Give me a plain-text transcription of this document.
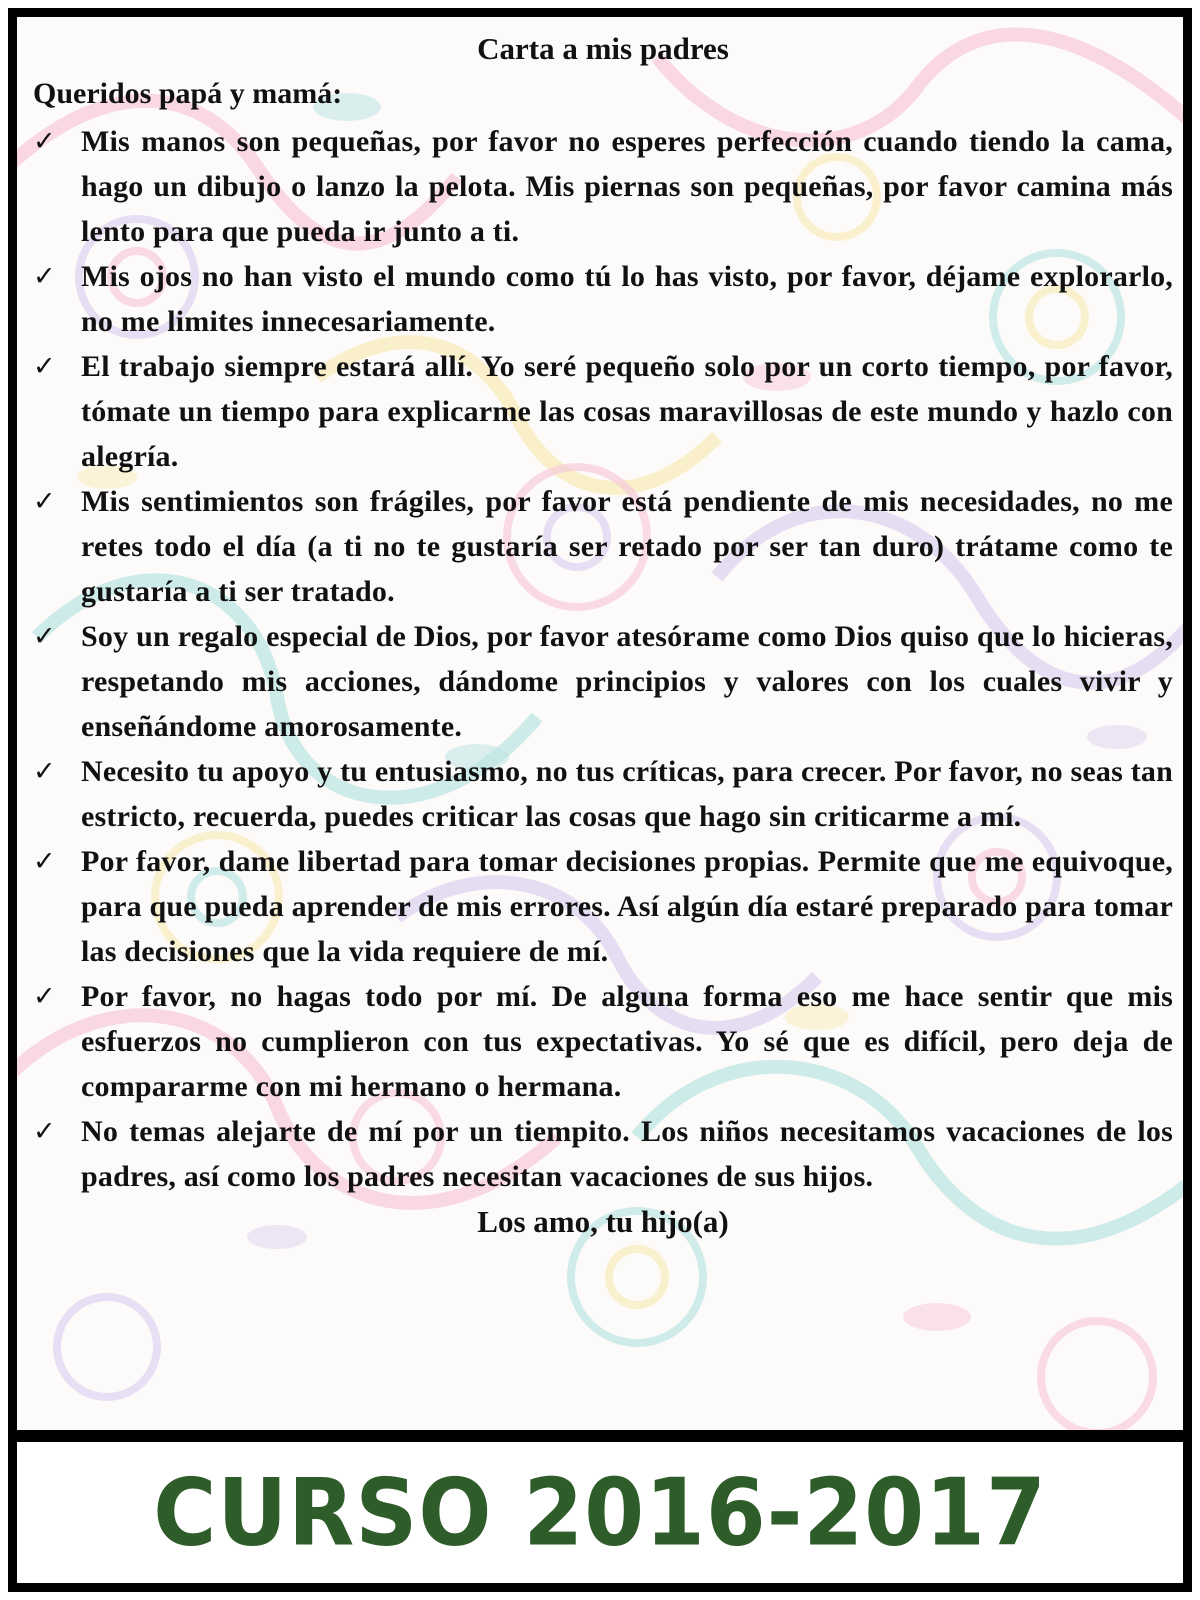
Carta a mis padres

Queridos papá y mamá:

✓ Mis manos son pequeñas, por favor no esperes perfección cuando tiendo la cama, hago un dibujo o lanzo la pelota. Mis piernas son pequeñas, por favor camina más lento para que pueda ir junto a ti.
✓ Mis ojos no han visto el mundo como tú lo has visto, por favor, déjame explorarlo, no me limites innecesariamente.
✓ El trabajo siempre estará allí. Yo seré pequeño solo por un corto tiempo, por favor, tómate un tiempo para explicarme las cosas maravillosas de este mundo y hazlo con alegría.
✓ Mis sentimientos son frágiles, por favor está pendiente de mis necesidades, no me retes todo el día (a ti no te gustaría ser retado por ser tan duro) trátame como te gustaría a ti ser tratado.
✓ Soy un regalo especial de Dios, por favor atesórame como Dios quiso que lo hicieras, respetando mis acciones, dándome principios y valores con los cuales vivir y enseñándome amorosamente.
✓ Necesito tu apoyo y tu entusiasmo, no tus críticas, para crecer. Por favor, no seas tan estricto, recuerda, puedes criticar las cosas que hago sin criticarme a mí.
✓ Por favor, dame libertad para tomar decisiones propias. Permite que me equivoque, para que pueda aprender de mis errores. Así algún día estaré preparado para tomar las decisiones que la vida requiere de mí.
✓ Por favor, no hagas todo por mí. De alguna forma eso me hace sentir que mis esfuerzos no cumplieron con tus expectativas. Yo sé que es difícil, pero deja de compararme con mi hermano o hermana.
✓ No temas alejarte de mí por un tiempito. Los niños necesitamos vacaciones de los padres, así como los padres necesitan vacaciones de sus hijos.

Los amo, tu hijo(a)

CURSO 2016-2017
